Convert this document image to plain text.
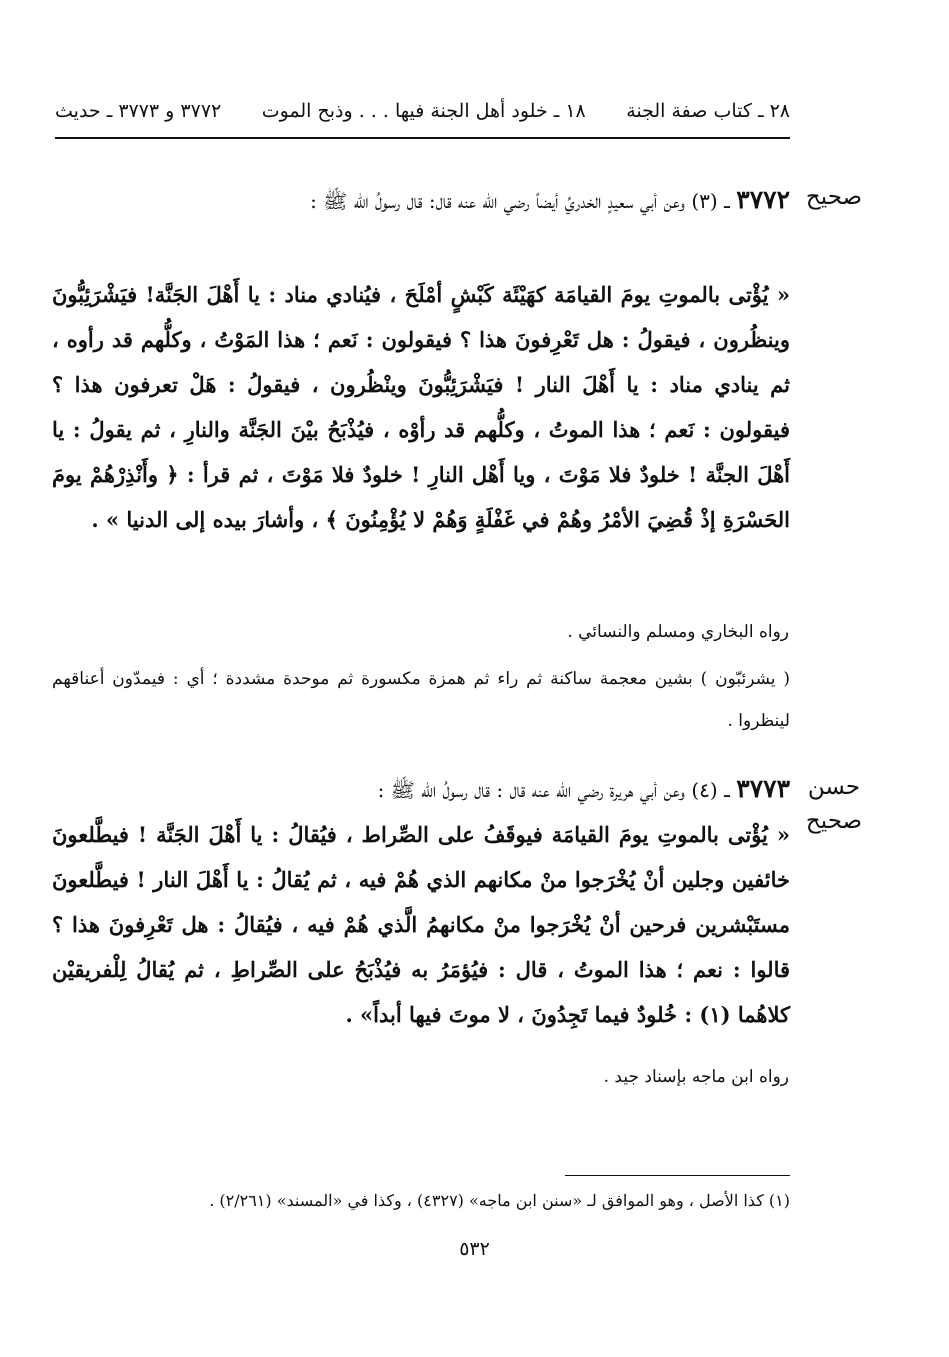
٢٨ ـ كتاب صفة الجنة
١٨ ـ خلود أهل الجنة فيها . . . وذبح الموت
٣٧٧٢ و ٣٧٧٣ ـ حديث
صحيح

٣٧٧٢ ـ (٣) وعن أبي سعيدٍ الخدريِّ أيضاً رضي الله عنه قال: قال رسولُ الله ﷺ :

« يُؤْتى بالموتِ يومَ القيامَة كهَيْئَة كَبْشٍ أمْلَحَ ، فيُنادي مناد : يا أَهْلَ الجَنَّة! فيَشْرَئِبُّونَ وينظُرون ، فيقولُ : هل تَعْرِفونَ هذا ؟ فيقولون : نَعم ؛ هذا المَوْتُ ، وكلُّهم قد رأوه ، ثم ينادي مناد : يا أَهْلَ النار ! فيَشْرَئِبُّونَ وينْظُرون ، فيقولُ : هَلْ تعرفون هذا ؟ فيقولون : نَعم ؛ هذا الموتُ ، وكلُّهم قد رأوْه ، فيُذْبَحُ بيْنَ الجَنَّة والنارِ ، ثم يقولُ : يا أَهْلَ الجنَّة ! خلودٌ فلا مَوْتَ ، ويا أَهْل النارِ ! خلودٌ فلا مَوْتَ ، ثم قرأ : ﴿ وأَنْذِرْهُمْ يومَ الحَسْرَةِ إذْ قُضِيَ الأمْرُ وهُمْ في غَفْلَةٍ وَهُمْ لا يُؤْمِنُونَ ﴾ ، وأشارَ بيده إلى الدنيا » .

رواه البخاري ومسلم والنسائي .

( يشرئبّون ) بشين معجمة ساكنة ثم راء ثم همزة مكسورة ثم موحدة مشددة ؛ أي : فيمدّون أعناقهم لينظروا .

حسن صحيح

٣٧٧٣ ـ (٤) وعن أبي هريرة رضي الله عنه قال : قال رسولُ الله ﷺ :

« يُؤْتى بالموتِ يومَ القيامَة فيوقَفُ على الصِّراط ، فيُقالُ : يا أَهْلَ الجَنَّة ! فيطَّلعونَ خائفين وجلين أنْ يُخْرَجوا منْ مكانهم الذي هُمْ فيه ، ثم يُقالُ : يا أَهْلَ النار ! فيطَّلعونَ مستَبْشرين فرحين أنْ يُخْرَجوا منْ مكانهمُ الَّذي هُمْ فيه ، فيُقالُ : هل تَعْرِفونَ هذا ؟ قالوا : نعم ؛ هذا الموتُ ، قال : فيُؤمَرُ به فيُذْبَحُ على الصِّراطِ ، ثم يُقالُ لِلْفريقيْن كلاهُما (١) : خُلودٌ فيما تَجِدُونَ ، لا موتَ فيها أبداً» .

رواه ابن ماجه بإسناد جيد .
(١) كذا الأصل ، وهو الموافق لـ «سنن ابن ماجه» (٤٣٢٧) ، وكذا في «المسند» (٢/٢٦١) .
٥٣٢
